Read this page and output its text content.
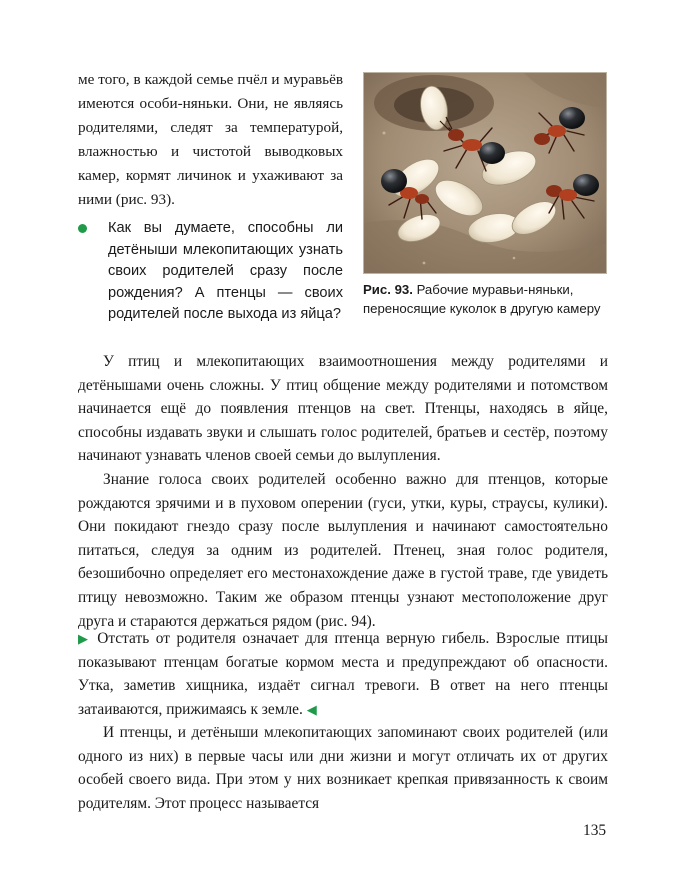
ме того, в каждой семье пчёл и муравьёв имеются особи-няньки. Они, не являясь родителями, следят за температурой, влажностью и чистотой выводковых камер, кормят личинок и ухаживают за ними (рис. 93).

Как вы думаете, способны ли детёныши млекопитающих узнать своих родителей сразу после рождения? А птенцы — своих родителей после выхода из яйца?

Рис. 93. Рабочие муравьи-няньки, переносящие куколок в другую камеру

У птиц и млекопитающих взаимоотношения между родителями и детёнышами очень сложны. У птиц общение между родителями и потомством начинается ещё до появления птенцов на свет. Птенцы, находясь в яйце, способны издавать звуки и слышать голос родителей, братьев и сестёр, поэтому начинают узнавать членов своей семьи до вылупления.

Знание голоса своих родителей особенно важно для птенцов, которые рождаются зрячими и в пуховом оперении (гуси, утки, куры, страусы, кулики). Они покидают гнездо сразу после вылупления и начинают самостоятельно питаться, следуя за одним из родителей. Птенец, зная голос родителя, безошибочно определяет его местонахождение даже в густой траве, где увидеть птицу невозможно. Таким же образом птенцы узнают местоположение друг друга и стараются держаться рядом (рис. 94).

▶ Отстать от родителя означает для птенца верную гибель. Взрослые птицы показывают птенцам богатые кормом места и предупреждают об опасности. Утка, заметив хищника, издаёт сигнал тревоги. В ответ на него птенцы затаиваются, прижимаясь к земле. ◀

И птенцы, и детёныши млекопитающих запоминают своих родителей (или одного из них) в первые часы или дни жизни и могут отличать их от других особей своего вида. При этом у них возникает крепкая привязанность к своим родителям. Этот процесс называется

135
